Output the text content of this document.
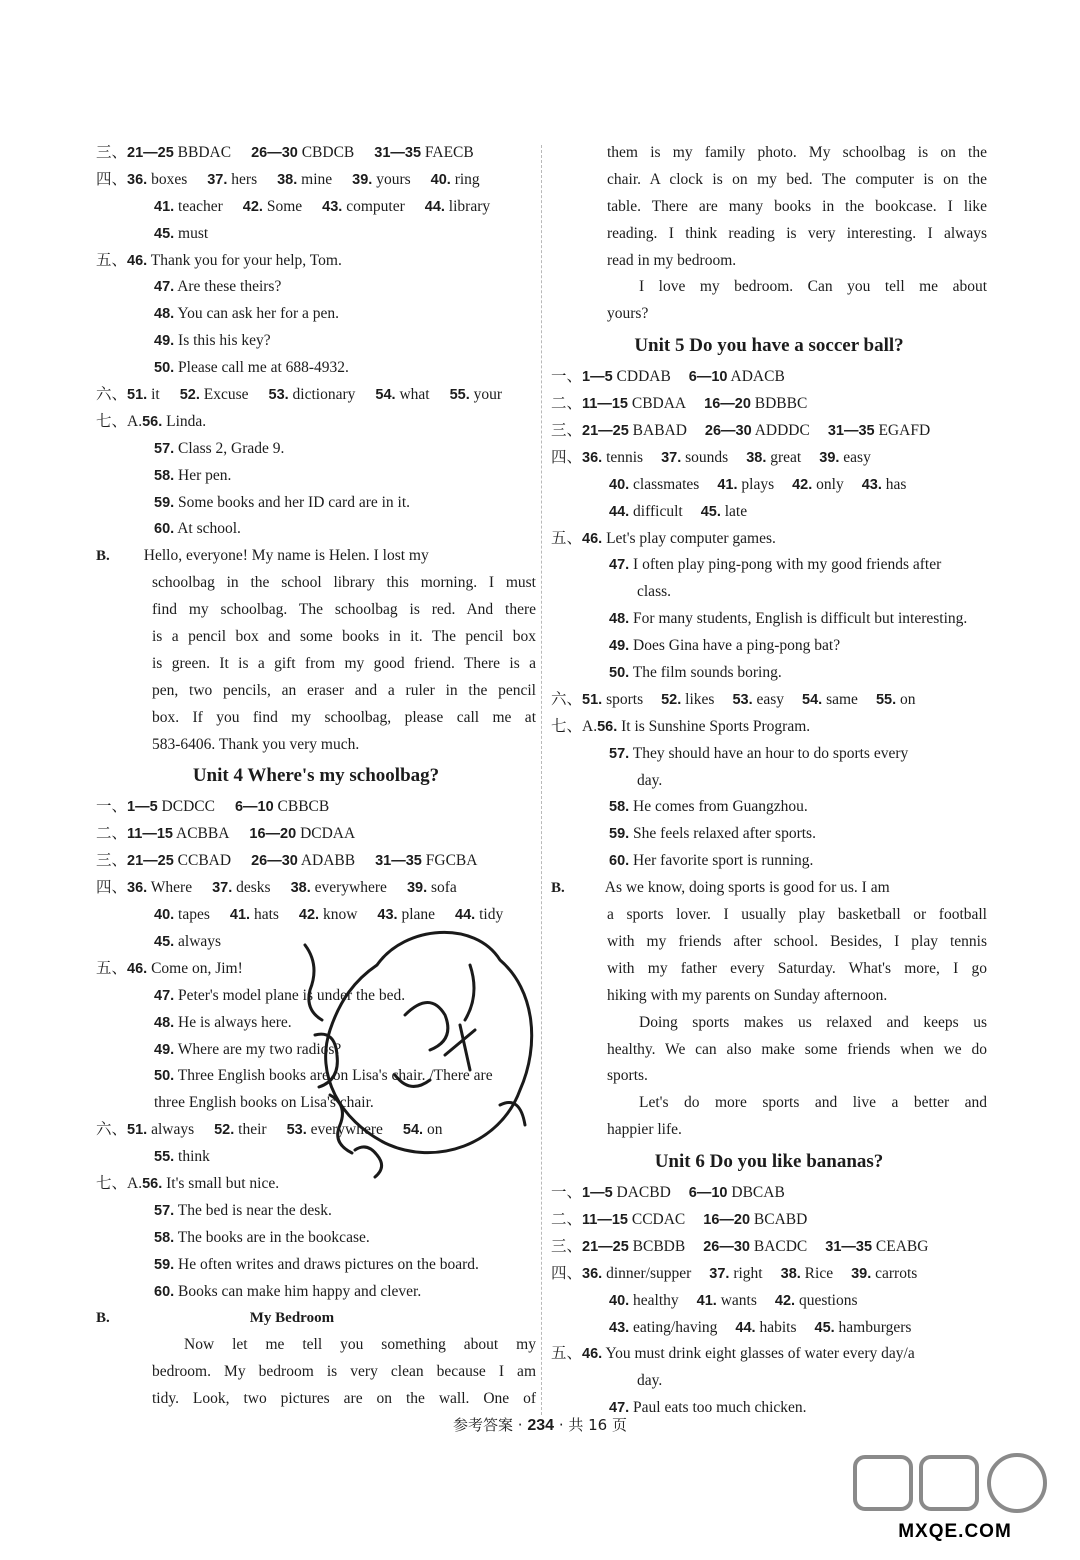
三、21—25 BBDAC 26—30 CBDCB 31—35 FAECB
四、36. boxes 37. hers 38. mine 39. yours 40. ring
41. teacher 42. Some 43. computer 44. library
45. must
五、46. Thank you for your help, Tom.
47. Are these theirs?
48. You can ask her for a pen.
49. Is this his key?
50. Please call me at 688-4932.
六、51. it 52. Excuse 53. dictionary 54. what 55. your
七、A.56. Linda.
57. Class 2, Grade 9.
58. Her pen.
59. Some books and her ID card are in it.
60. At school.
B. Hello, everyone! My name is Helen. I lost my
schoolbag in the school library this morning. I must
find my schoolbag. The schoolbag is red. And there
is a pencil box and some books in it. The pencil box
is green. It is a gift from my good friend. There is a
pen, two pencils, an eraser and a ruler in the pencil
box. If you find my schoolbag, please call me at
583-6406. Thank you very much.
Unit 4 Where's my schoolbag?
一、1—5 DCDCC 6—10 CBBCB
二、11—15 ACBBA 16—20 DCDAA
三、21—25 CCBAD 26—30 ADABB 31—35 FGCBA
四、36. Where 37. desks 38. everywhere 39. sofa
40. tapes 41. hats 42. know 43. plane 44. tidy
45. always
五、46. Come on, Jim!
47. Peter's model plane is under the bed.
48. He is always here.
49. Where are my two radios?
50. Three English books are on Lisa's chair. /There are
three English books on Lisa's chair.
六、51. always 52. their 53. everywhere 54. on
55. think
七、A.56. It's small but nice.
57. The bed is near the desk.
58. The books are in the bookcase.
59. He often writes and draws pictures on the board.
60. Books can make him happy and clever.
B.	My Bedroom
Now let me tell you something about my
bedroom. My bedroom is very clean because I am
tidy. Look, two pictures are on the wall. One of
them is my family photo. My schoolbag is on the
chair. A clock is on my bed. The computer is on the
table. There are many books in the bookcase. I like
reading. I think reading is very interesting. I always
read in my bedroom.
I love my bedroom. Can you tell me about
yours?
Unit 5 Do you have a soccer ball?
一、1—5 CDDAB 6—10 ADACB
二、11—15 CBDAA 16—20 BDBBC
三、21—25 BABAD 26—30 ADDDC 31—35 EGAFD
四、36. tennis 37. sounds 38. great 39. easy
40. classmates 41. plays 42. only 43. has
44. difficult 45. late
五、46. Let's play computer games.
47. I often play ping-pong with my good friends after
class.
48. For many students, English is difficult but interesting.
49. Does Gina have a ping-pong bat?
50. The film sounds boring.
六、51. sports 52. likes 53. easy 54. same 55. on
七、A.56. It is Sunshine Sports Program.
57. They should have an hour to do sports every
day.
58. He comes from Guangzhou.
59. She feels relaxed after sports.
60. Her favorite sport is running.
B.	As we know, doing sports is good for us. I am
a sports lover. I usually play basketball or football
with my friends after school. Besides, I play tennis
with my father every Saturday. What's more, I go
hiking with my parents on Sunday afternoon.
Doing sports makes us relaxed and keeps us
healthy. We can also make some friends when we do
sports.
Let's do more sports and live a better and
happier life.
Unit 6 Do you like bananas?
一、1—5 DACBD 6—10 DBCAB
二、11—15 CCDAC 16—20 BCABD
三、21—25 BCBDB 26—30 BACDC 31—35 CEABG
四、36. dinner/supper 37. right 38. Rice 39. carrots
40. healthy 41. wants 42. questions
43. eating/having 44. habits 45. hamburgers
五、46. You must drink eight glasses of water every day/a
day.
47. Paul eats too much chicken.
参考答案 · 234 · 共 16 页
MXQE.COM
